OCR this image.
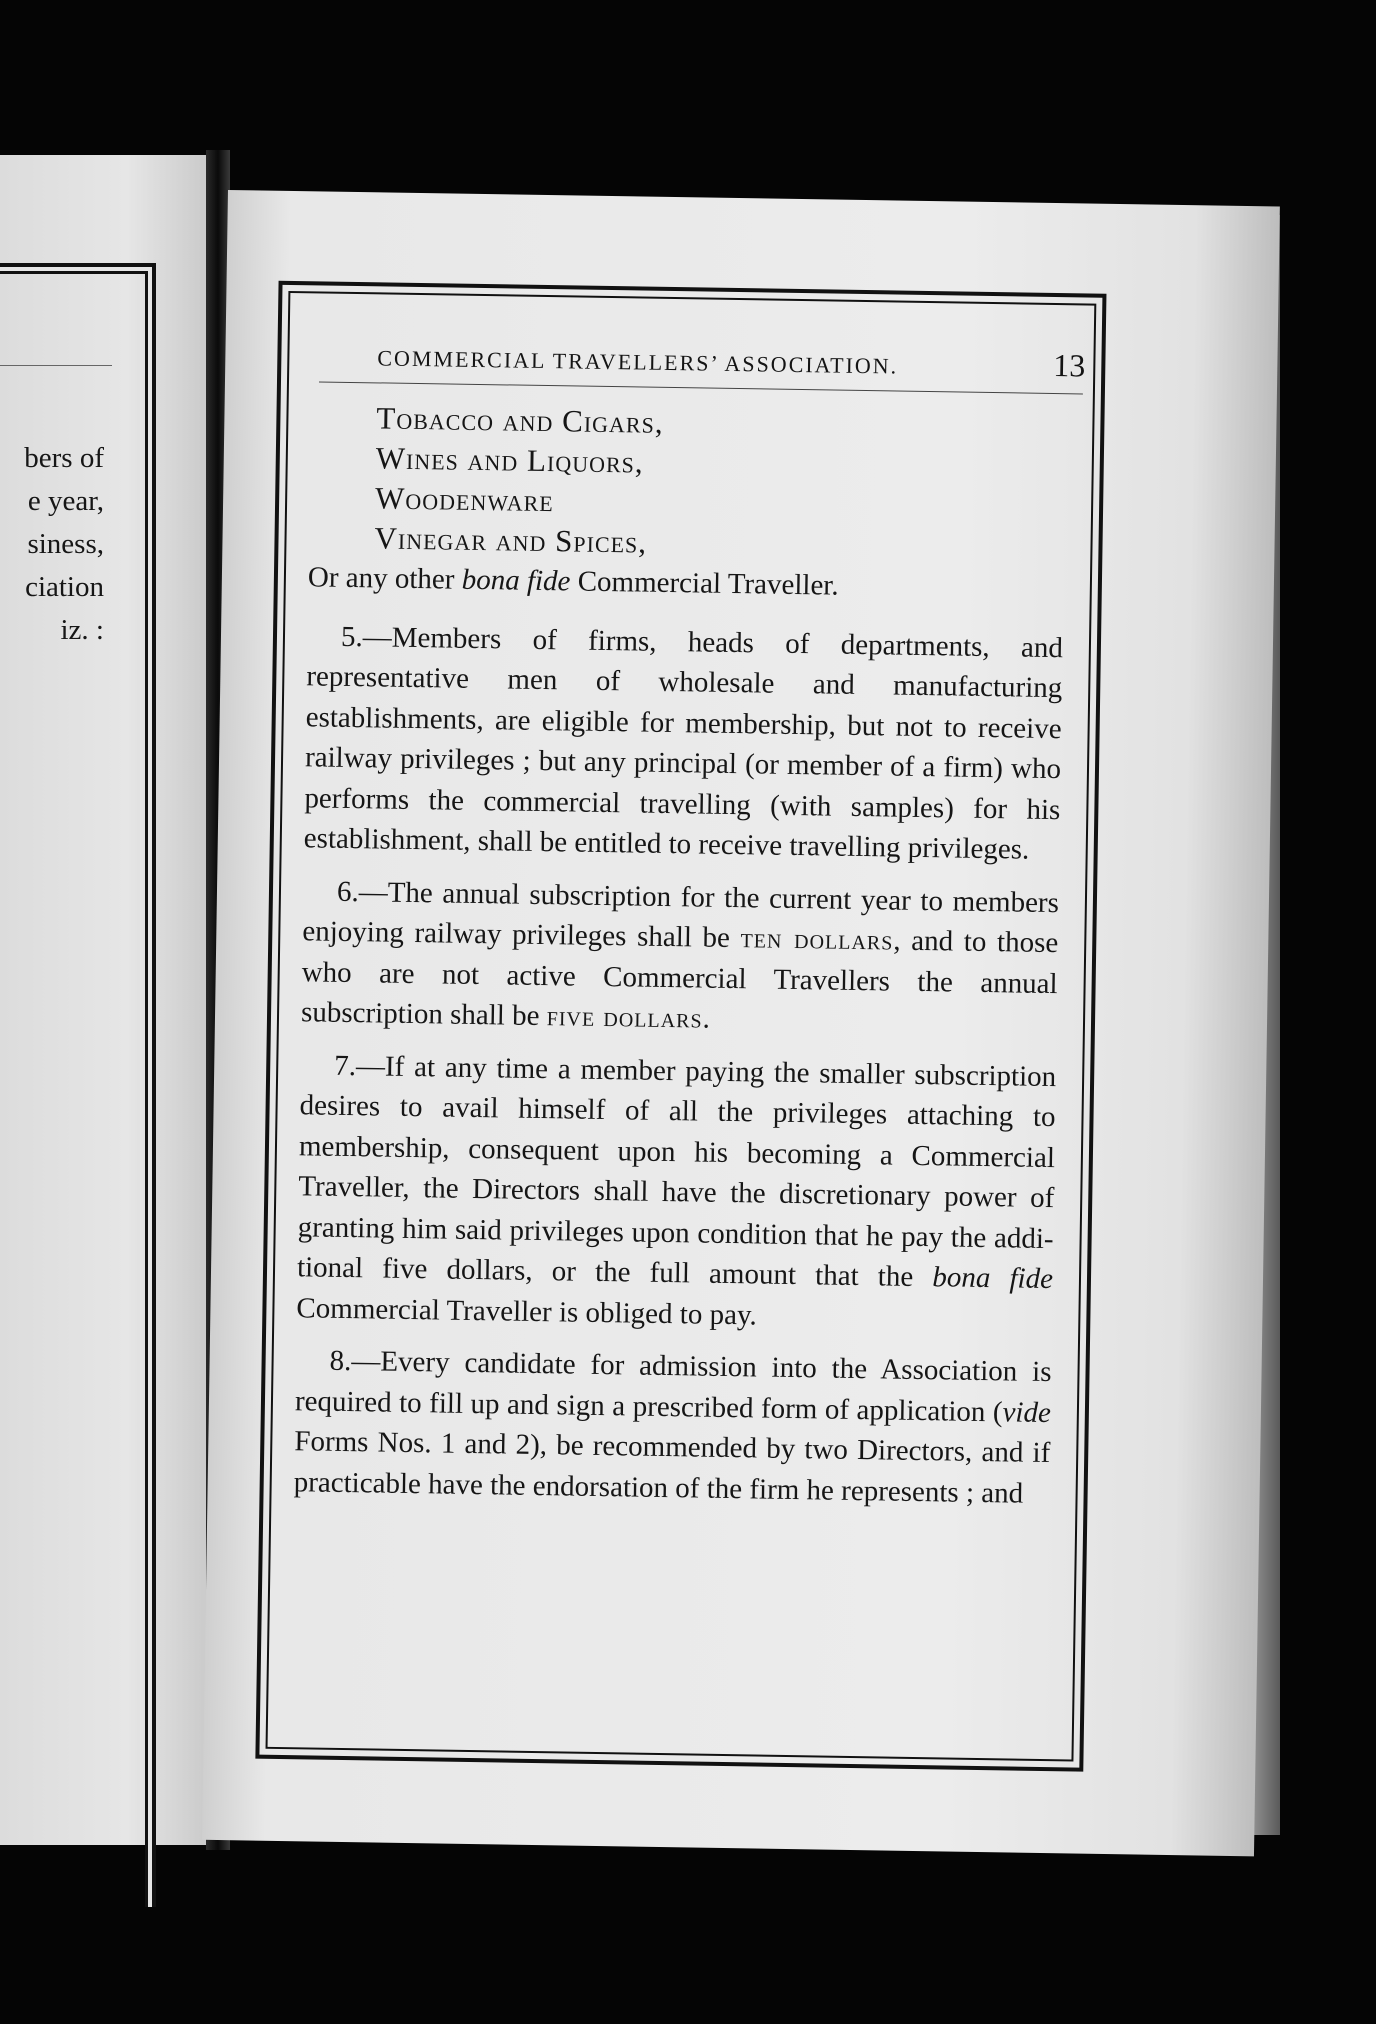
bers of
e year,
siness,
ciation
iz. :
COMMERCIAL TRAVELLERS’ ASSOCIATION.	13
Tobacco and Cigars,
Wines and Liquors,
Woodenware
Vinegar and Spices,

Or any other bona fide Commercial Traveller.

5.—Members of firms, heads of departments, and representative men of wholesale and manufacturing establishments, are eligible for membership, but not to receive railway privileges ; but any principal (or member of a firm) who performs the commercial travelling (with samples) for his establishment, shall be entitled to receive travelling privileges.

6.—The annual subscription for the current year to members enjoying railway privileges shall be ten dollars, and to those who are not active Commercial Travellers the annual subscription shall be five dollars.

7.—If at any time a member paying the smaller subscription desires to avail himself of all the privileges attaching to membership, consequent upon his becoming a Commercial Traveller, the Directors shall have the discretionary power of granting him said privileges upon condition that he pay the additional five dollars, or the full amount that the bona fide Commercial Traveller is obliged to pay.

8.—Every candidate for admission into the Association is required to fill up and sign a prescribed form of application (vide Forms Nos. 1 and 2), be recommended by two Directors, and if practicable have the endorsation of the firm he represents ; and
